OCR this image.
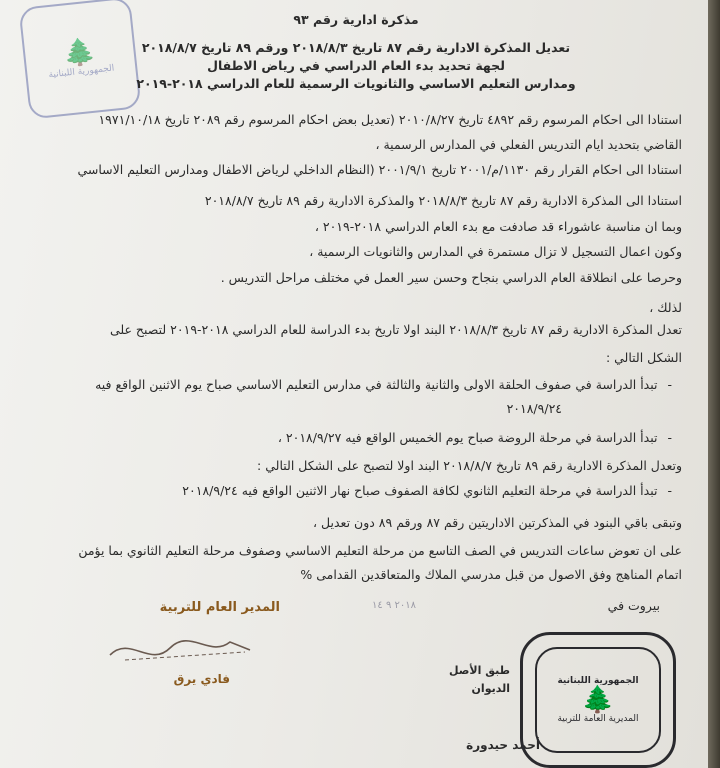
🌲
الجمهورية اللبنانية
مذكرة ادارية رقم ٩٣
تعديل المذكرة الادارية رقم ٨٧ تاريخ ٢٠١٨/٨/٣ ورقم ٨٩ تاريخ ٢٠١٨/٨/٧
لجهة تحديد بدء العام الدراسي في رياض الاطفال
ومدارس التعليم الاساسي والثانويات الرسمية للعام الدراسي ٢٠١٨-٢٠١٩
استنادا الى احكام المرسوم رقم ٤٨٩٢ تاريخ ٢٠١٠/٨/٢٧ (تعديل بعض احكام المرسوم رقم ٢٠٨٩ تاريخ ١٩٧١/١٠/١٨
القاضي بتحديد ايام التدريس الفعلي في المدارس الرسمية ،
استنادا الى احكام القرار رقم ١١٣٠/م/٢٠٠١ تاريخ ٢٠٠١/٩/١ (النظام الداخلي لرياض الاطفال ومدارس التعليم الاساسي
استنادا الى المذكرة الادارية رقم ٨٧ تاريخ ٢٠١٨/٨/٣ والمذكرة الادارية رقم ٨٩ تاريخ ٢٠١٨/٨/٧
وبما ان مناسبة عاشوراء قد صادفت مع بدء العام الدراسي ٢٠١٨-٢٠١٩ ،
وكون اعمال التسجيل لا تزال مستمرة في المدارس والثانويات الرسمية ،
وحرصا على انطلاقة العام الدراسي بنجاح وحسن سير العمل في مختلف مراحل التدريس .
لذلك ،
تعدل المذكرة الادارية رقم ٨٧ تاريخ ٢٠١٨/٨/٣ البند اولا تاريخ بدء الدراسة للعام الدراسي ٢٠١٨-٢٠١٩ لتصبح على
الشكل التالي :
- تبدأ الدراسة في صفوف الحلقة الاولى والثانية والثالثة في مدارس التعليم الاساسي صباح يوم الاثنين الواقع فيه
٢٠١٨/٩/٢٤
- تبدأ الدراسة في مرحلة الروضة صباح يوم الخميس الواقع فيه ٢٠١٨/٩/٢٧ ،
وتعدل المذكرة الادارية رقم ٨٩ تاريخ ٢٠١٨/٨/٧ البند اولا لتصبح على الشكل التالي :
- تبدأ الدراسة في مرحلة التعليم الثانوي لكافة الصفوف صباح نهار الاثنين الواقع فيه ٢٠١٨/٩/٢٤
وتبقى باقي البنود في المذكرتين الاداريتين رقم ٨٧ ورقم ٨٩ دون تعديل ،
على ان تعوض ساعات التدريس في الصف التاسع من مرحلة التعليم الاساسي وصفوف مرحلة التعليم الثانوي بما يؤمن
اتمام المناهج وفق الاصول من قبل مدرسي الملاك والمتعاقدين القدامى %
بيروت في
٢٠١٨ ٩ ١٤
المدير العام للتربية
فادي يرق
طبق الأصل
الديوان
أحمد حيدورة
الجمهورية اللبنانية
🌲
المديرية العامة للتربية
